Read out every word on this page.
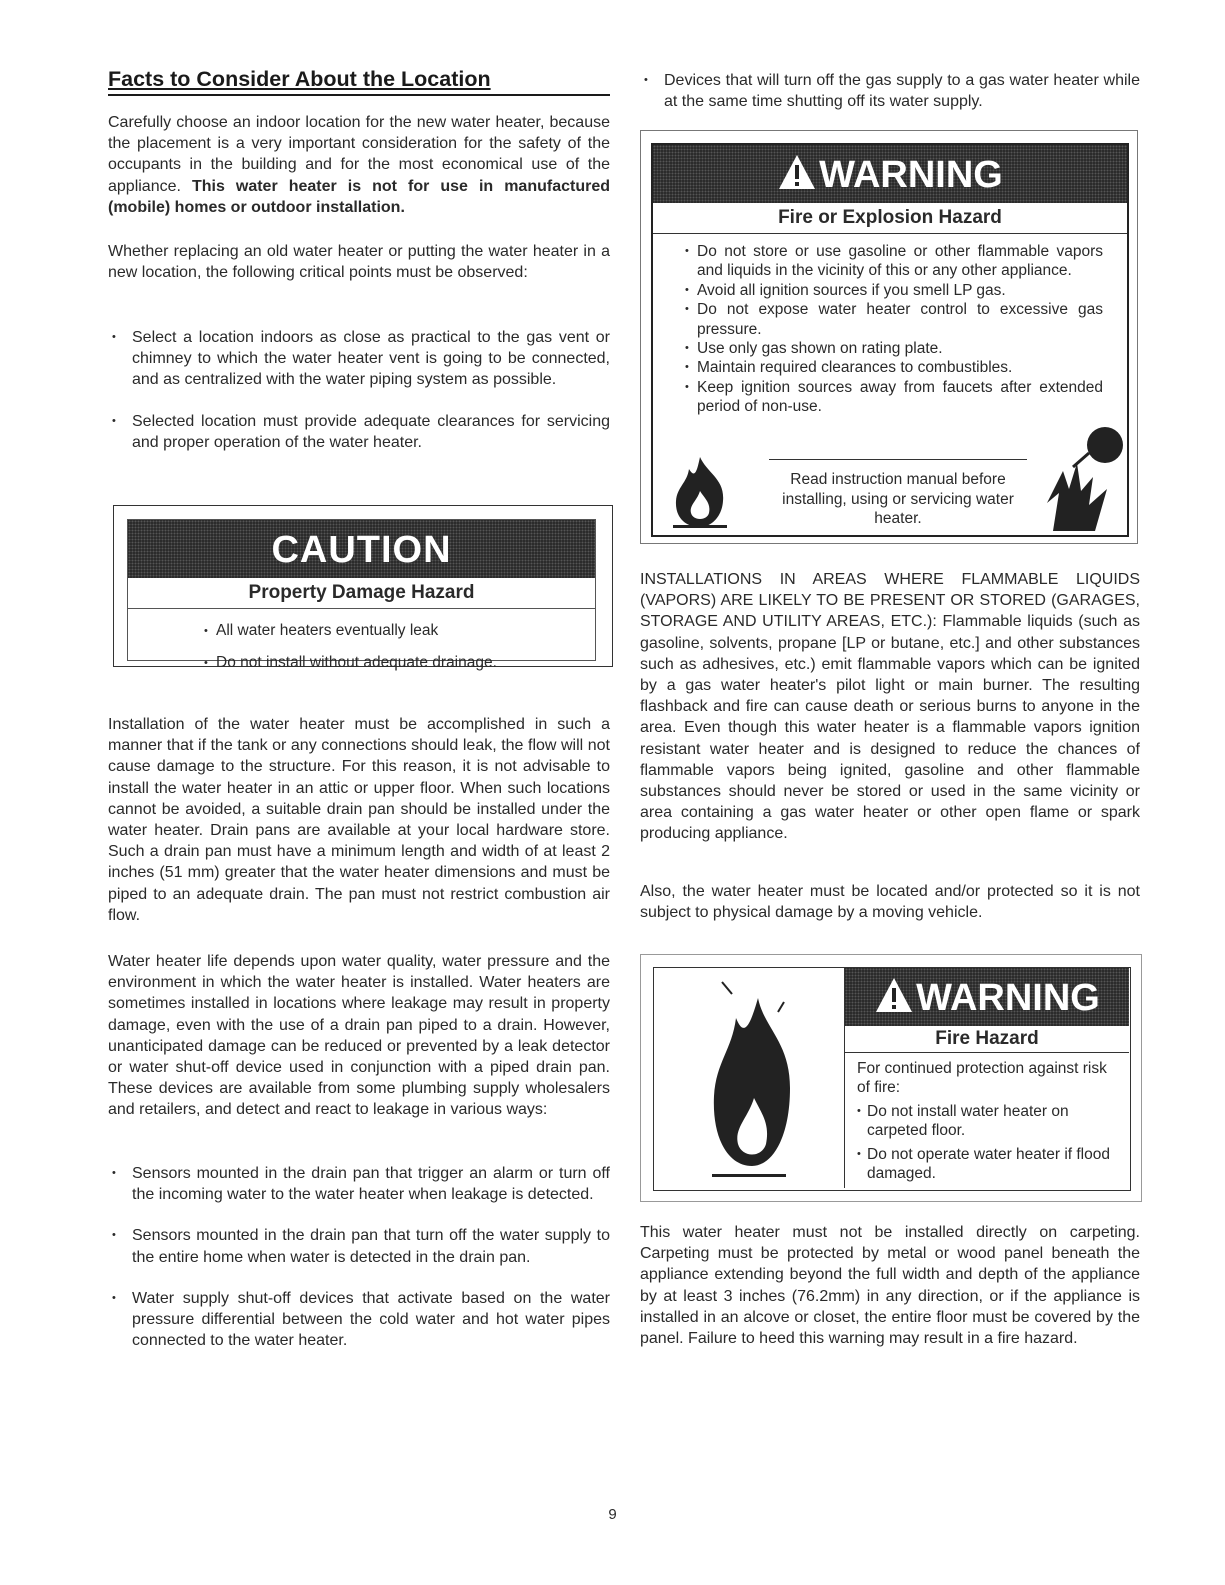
Facts to Consider About the Location

Carefully choose an indoor location for the new water heater, because the placement is a very important consideration for the safety of the occupants in the building and for the most economical use of the appliance. This water heater is not for use in manufactured (mobile) homes or outdoor installation.

Whether replacing an old water heater or putting the water heater in a new location, the following critical points must be observed:

• Select a location indoors as close as practical to the gas vent or chimney to which the water heater vent is going to be connected, and as centralized with the water piping system as possible.
• Selected location must provide adequate clearances for servicing and proper operation of the water heater.
CAUTION
Property Damage Hazard
• All water heaters eventually leak
• Do not install without adequate drainage.

Installation of the water heater must be accomplished in such a manner that if the tank or any connections should leak, the flow will not cause damage to the structure. For this reason, it is not advisable to install the water heater in an attic or upper floor. When such locations cannot be avoided, a suitable drain pan should be installed under the water heater. Drain pans are available at your local hardware store. Such a drain pan must have a minimum length and width of at least 2 inches (51 mm) greater that the water heater dimensions and must be piped to an adequate drain. The pan must not restrict combustion air flow.

Water heater life depends upon water quality, water pressure and the environment in which the water heater is installed. Water heaters are sometimes installed in locations where leakage may result in property damage, even with the use of a drain pan piped to a drain. However, unanticipated damage can be reduced or prevented by a leak detector or water shut-off device used in conjunction with a piped drain pan. These devices are available from some plumbing supply wholesalers and retailers, and detect and react to leakage in various ways:

• Sensors mounted in the drain pan that trigger an alarm or turn off the incoming water to the water heater when leakage is detected.
• Sensors mounted in the drain pan that turn off the water supply to the entire home when water is detected in the drain pan.
• Water supply shut-off devices that activate based on the water pressure differential between the cold water and hot water pipes connected to the water heater.
• Devices that will turn off the gas supply to a gas water heater while at the same time shutting off its water supply.
WARNING
Fire or Explosion Hazard
• Do not store or use gasoline or other flammable vapors and liquids in the vicinity of this or any other appliance.
• Avoid all ignition sources if you smell LP gas.
• Do not expose water heater control to excessive gas pressure.
• Use only gas shown on rating plate.
• Maintain required clearances to combustibles.
• Keep ignition sources away from faucets after extended period of non-use.
Read instruction manual before installing, using or servicing water heater.

INSTALLATIONS IN AREAS WHERE FLAMMABLE LIQUIDS (VAPORS) ARE LIKELY TO BE PRESENT OR STORED (GARAGES, STORAGE AND UTILITY AREAS, ETC.): Flammable liquids (such as gasoline, solvents, propane [LP or butane, etc.] and other substances such as adhesives, etc.) emit flammable vapors which can be ignited by a gas water heater's pilot light or main burner. The resulting flashback and fire can cause death or serious burns to anyone in the area. Even though this water heater is a flammable vapors ignition resistant water heater and is designed to reduce the chances of flammable vapors being ignited, gasoline and other flammable substances should never be stored or used in the same vicinity or area containing a gas water heater or other open flame or spark producing appliance.

Also, the water heater must be located and/or protected so it is not subject to physical damage by a moving vehicle.

WARNING
Fire Hazard

For continued protection against risk of fire:

• Do not install water heater on carpeted floor.
• Do not operate water heater if flood damaged.

This water heater must not be installed directly on carpeting. Carpeting must be protected by metal or wood panel beneath the appliance extending beyond the full width and depth of the appliance by at least 3 inches (76.2mm) in any direction, or if the appliance is installed in an alcove or closet, the entire floor must be covered by the panel. Failure to heed this warning may result in a fire hazard.

9
